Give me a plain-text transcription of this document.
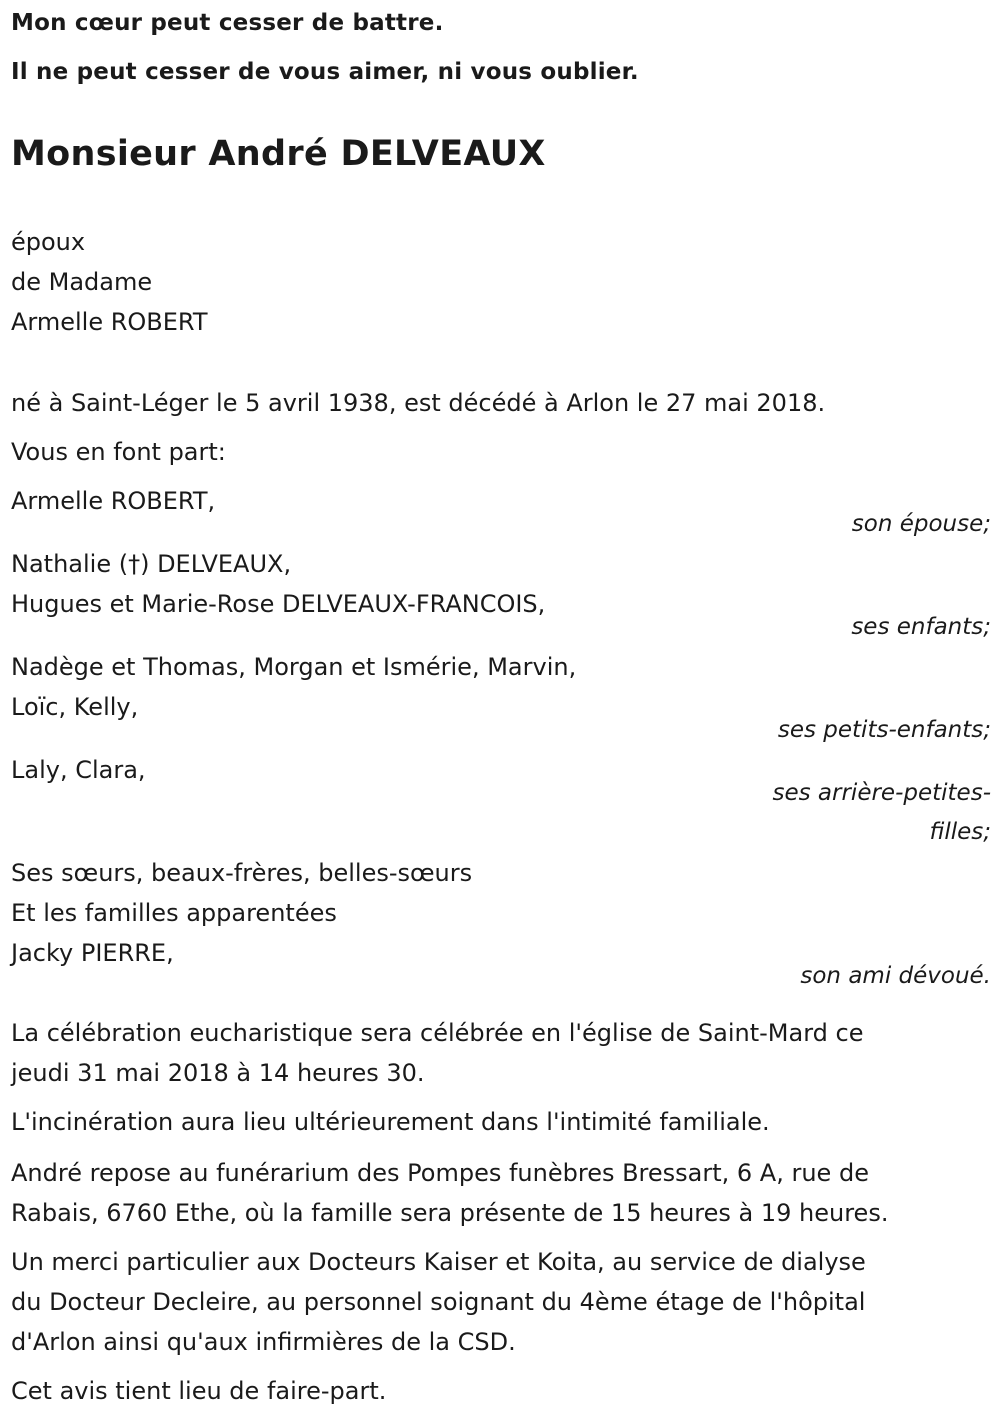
Mon cœur peut cesser de battre.
Il ne peut cesser de vous aimer, ni vous oublier.
Monsieur André DELVEAUX
époux
de Madame
Armelle ROBERT
né à Saint-Léger le 5 avril 1938, est décédé à Arlon le 27 mai 2018.
Vous en font part:
Armelle ROBERT,
son épouse;
Nathalie (†) DELVEAUX,
Hugues et Marie-Rose DELVEAUX-FRANCOIS,
ses enfants;
Nadège et Thomas, Morgan et Ismérie, Marvin,
Loïc, Kelly,
ses petits-enfants;
Laly, Clara,
ses arrière-petites-
filles;
Ses sœurs, beaux-frères, belles-sœurs
Et les familles apparentées
Jacky PIERRE,
son ami dévoué.
La célébration eucharistique sera célébrée en l'église de Saint-Mard ce
jeudi 31 mai 2018 à 14 heures 30.
L'incinération aura lieu ultérieurement dans l'intimité familiale.
André repose au funérarium des Pompes funèbres Bressart, 6 A, rue de
Rabais, 6760 Ethe, où la famille sera présente de 15 heures à 19 heures.
Un merci particulier aux Docteurs Kaiser et Koita, au service de dialyse
du Docteur Decleire, au personnel soignant du 4ème étage de l'hôpital
d'Arlon ainsi qu'aux infirmières de la CSD.
Cet avis tient lieu de faire-part.
